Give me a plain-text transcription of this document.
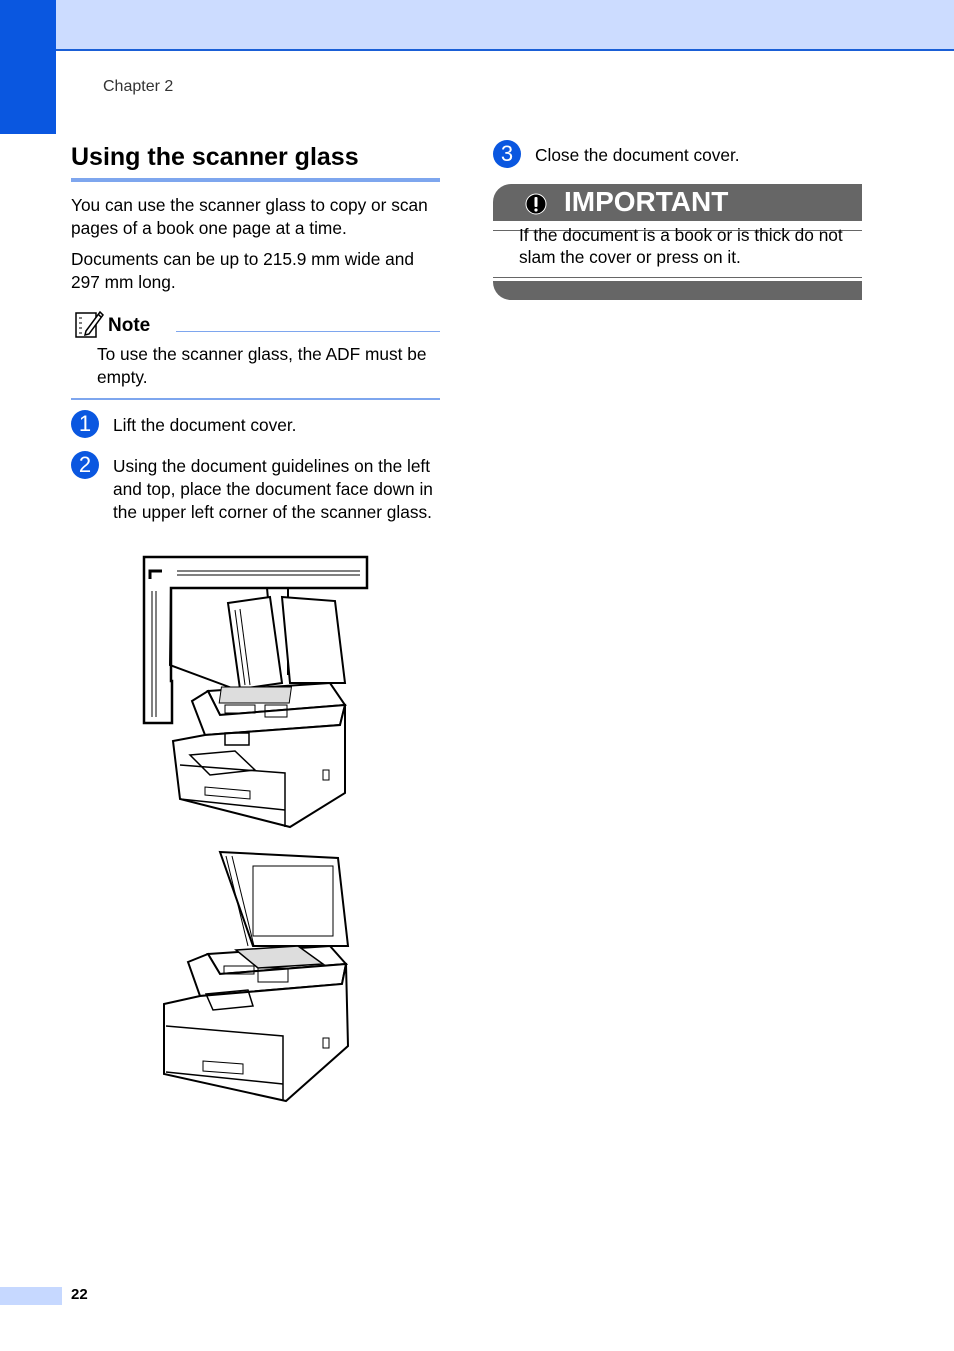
Chapter 2
Using the scanner glass
You can use the scanner glass to copy or scan pages of a book one page at a time.
Documents can be up to 215.9 mm wide and 297 mm long.
Note
To use the scanner glass, the ADF must be empty.
1	Lift the document cover.
2	Using the document guidelines on the left and top, place the document face down in the upper left corner of the scanner glass.
3	Close the document cover.
IMPORTANT
If the document is a book or is thick do not slam the cover or press on it.
22
